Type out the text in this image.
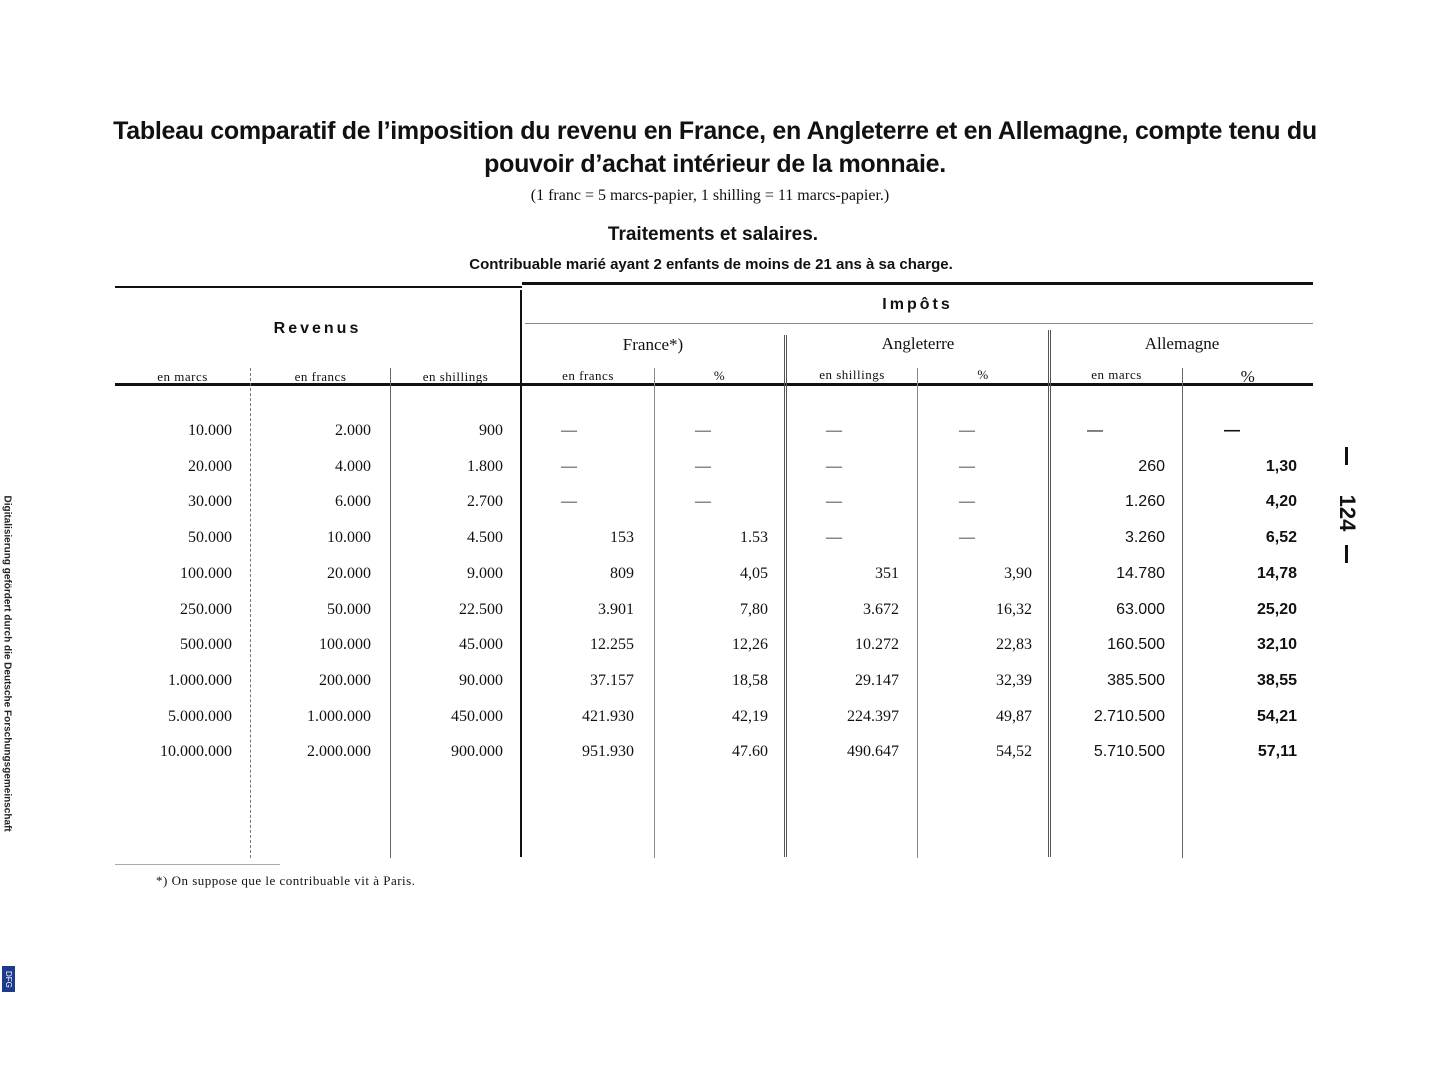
Tableau comparatif de l’imposition du revenu en France, en Angleterre et en Allemagne, compte tenu du pouvoir d’achat intérieur de la monnaie.
(1 franc = 5 marcs-papier, 1 shilling = 11 marcs-papier.)
Traitements et salaires.
Contribuable marié ayant 2 enfants de moins de 21 ans à sa charge.
Revenus
Impôts
France*)	Angleterre	Allemagne
en marcs	en francs	en shillings	en francs	%	en shillings	%	en marcs	%
10.000	2.000	900	—	—	—	—	—	—
20.000	4.000	1.800	—	—	—	—	260	1,30
30.000	6.000	2.700	—	—	—	—	1.260	4,20
50.000	10.000	4.500	153	1.53	—	—	3.260	6,52
100.000	20.000	9.000	809	4,05	351	3,90	14.780	14,78
250.000	50.000	22.500	3.901	7,80	3.672	16,32	63.000	25,20
500.000	100.000	45.000	12.255	12,26	10.272	22,83	160.500	32,10
1.000.000	200.000	90.000	37.157	18,58	29.147	32,39	385.500	38,55
5.000.000	1.000.000	450.000	421.930	42,19	224.397	49,87	2.710.500	54,21
10.000.000	2.000.000	900.000	951.930	47.60	490.647	54,52	5.710.500	57,11
*) On suppose que le contribuable vit à Paris.
124
Digitalisierung gefördert durch die Deutsche Forschungsgemeinschaft
DFG
